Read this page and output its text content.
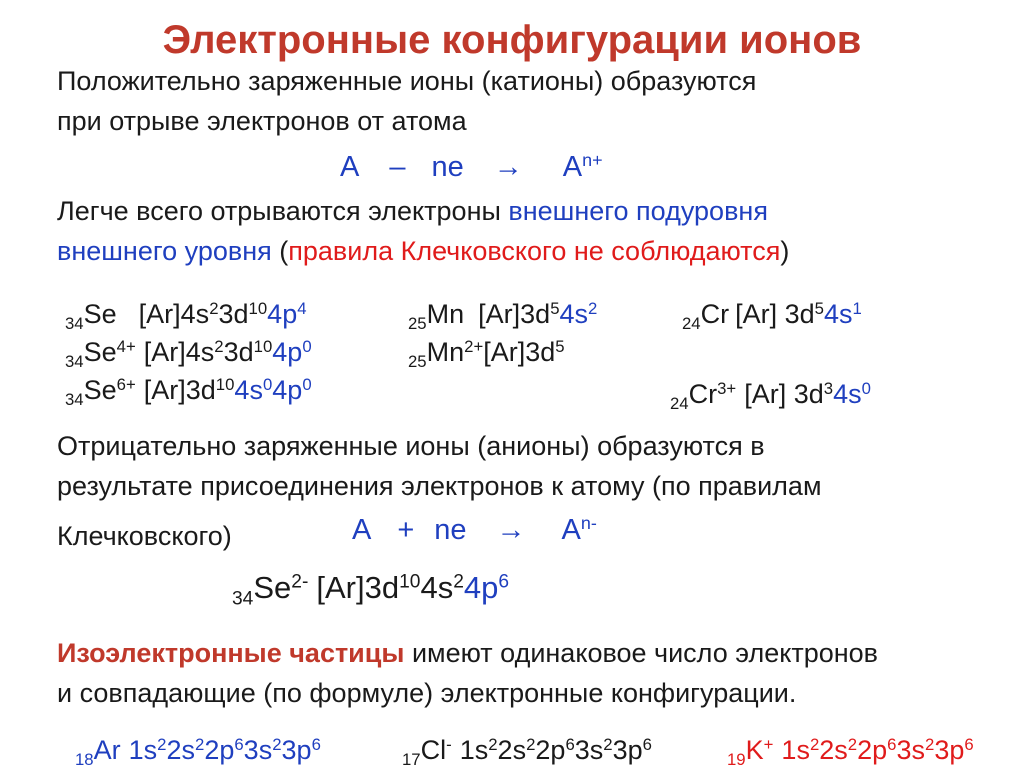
Электронные конфигурации ионов
Положительно заряженные ионы (катионы) образуются
при отрыве электронов от атома
A – ne → $A^{n+}$
Легче всего отрываются электроны внешнего подуровня
внешнего уровня (правила Клечковского не соблюдаются)
$_{34}$Se $[Ar]4s^23d^{10}4p^4$
$_{34}Se^{4+}$ $[Ar]4s^23d^{10}4p^0$
$_{34}Se^{6+}$ $[Ar]3d^{10}4s^04p^0$
$_{25}$Mn $[Ar]3d^54s^2$
$_{25}Mn^{2+}[Ar]3d^5$
$_{24}$Cr [Ar] $3d^54s^1$
$_{24}Cr^{3+}$ [Ar] $3d^34s^0$
Отрицательно заряженные ионы (анионы) образуются в
результате присоединения электронов к атому (по правилам
Клечковского)	A + ne → $A^{n-}$
$_{34}Se^{2-}$ $[Ar]3d^{10}4s^24p^6$
Изоэлектронные частицы имеют одинаковое число электронов
и совпадающие (по формуле) электронные конфигурации.
$_{18}$Ar $1s^22s^22p^63s^23p^6$
$_{17}$Cl- $1s^22s^22p^63s^23p^6$
$_{19}$K+ $1s^22s^22p^63s^23p^6$
